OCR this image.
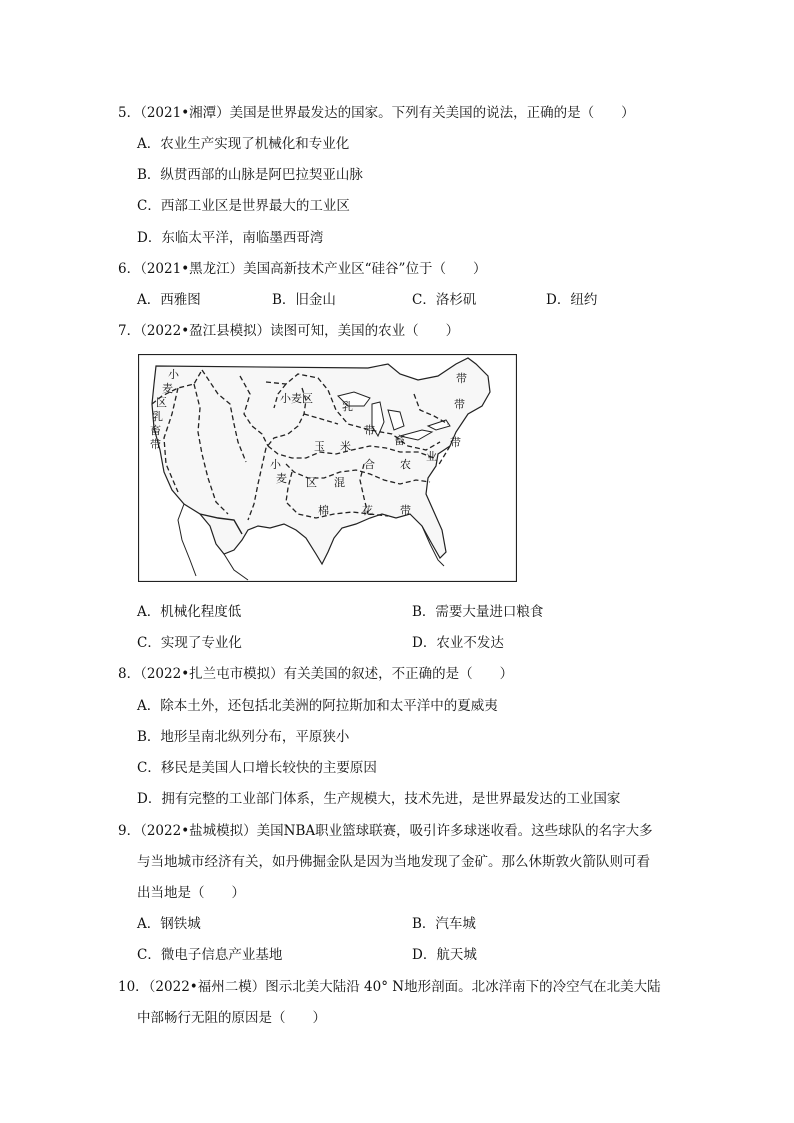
5．（2021•湘潭）美国是世界最发达的国家。下列有关美国的说法，正确的是（　　）
A．农业生产实现了机械化和专业化
B．纵贯西部的山脉是阿巴拉契亚山脉
C．西部工业区是世界最大的工业区
D．东临太平洋，南临墨西哥湾
6．（2021•黑龙江）美国高新技术产业区“硅谷”位于（　　）
A．西雅图	B．旧金山	C．洛杉矶	D．纽约
7．（2022•盈江县模拟）读图可知，美国的农业（　　）
小
麦
区
乳
畜
带
小麦区
乳
畜
带
玉 米
带
小
麦 区 混
合 农
业
带
棉	花 带
带
A．机械化程度低	B．需要大量进口粮食
C．实现了专业化	D．农业不发达
8．（2022•扎兰屯市模拟）有关美国的叙述，不正确的是（　　）
A．除本土外，还包括北美洲的阿拉斯加和太平洋中的夏威夷
B．地形呈南北纵列分布，平原狭小
C．移民是美国人口增长较快的主要原因
D．拥有完整的工业部门体系，生产规模大，技术先进，是世界最发达的工业国家
9．（2022•盐城模拟）美国NBA职业篮球联赛，吸引许多球迷收看。这些球队的名字大多
与当地城市经济有关，如丹佛掘金队是因为当地发现了金矿。那么休斯敦火箭队则可看
出当地是（　　）
A．钢铁城	B．汽车城
C．微电子信息产业基地	D．航天城
10．（2022•福州二模）图示北美大陆沿 40° N地形剖面。北冰洋南下的冷空气在北美大陆
中部畅行无阻的原因是（　　）
